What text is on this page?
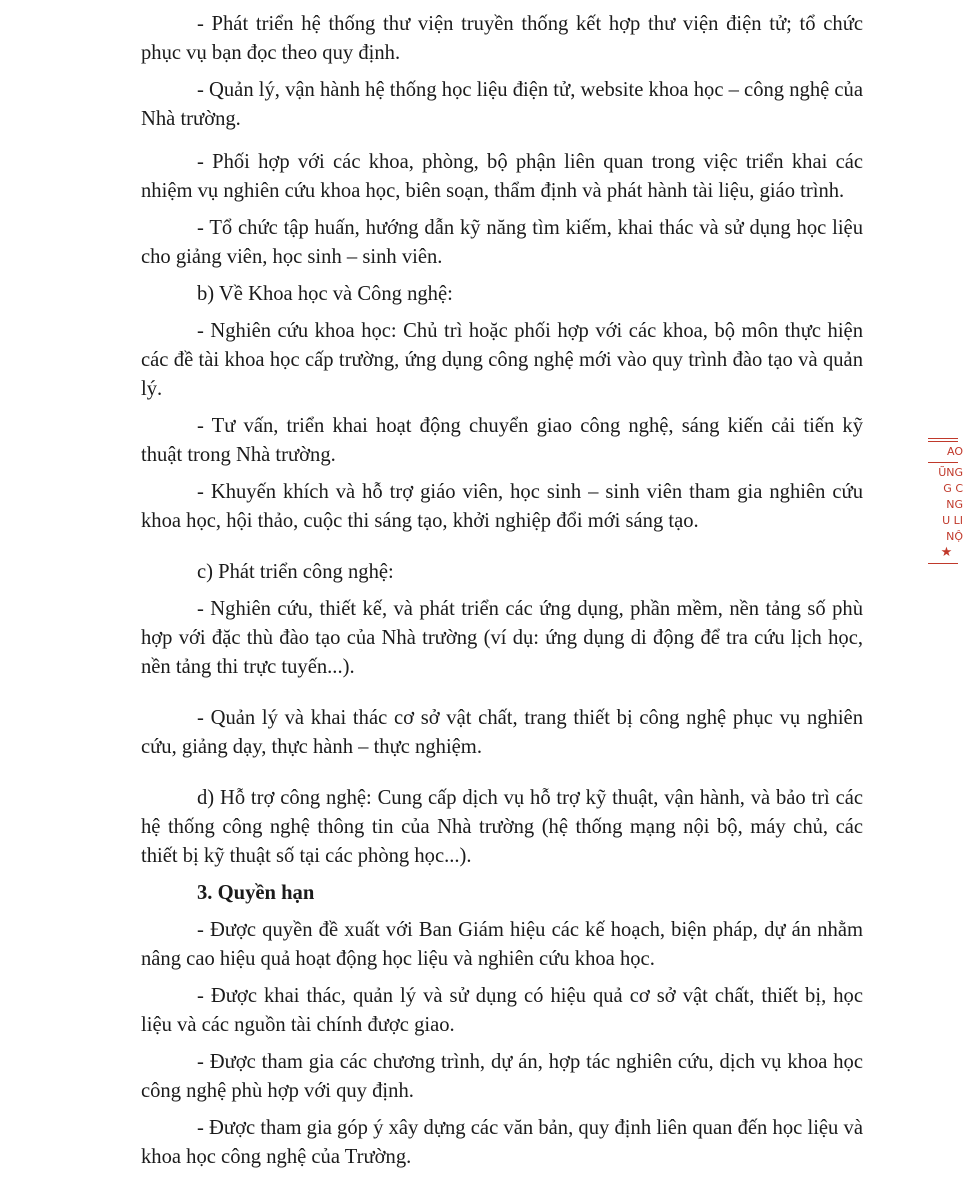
- Phát triển hệ thống thư viện truyền thống kết hợp thư viện điện tử; tổ chức phục vụ bạn đọc theo quy định.

- Quản lý, vận hành hệ thống học liệu điện tử, website khoa học – công nghệ của Nhà trường.

- Phối hợp với các khoa, phòng, bộ phận liên quan trong việc triển khai các nhiệm vụ nghiên cứu khoa học, biên soạn, thẩm định và phát hành tài liệu, giáo trình.

- Tổ chức tập huấn, hướng dẫn kỹ năng tìm kiếm, khai thác và sử dụng học liệu cho giảng viên, học sinh – sinh viên.

b) Về Khoa học và Công nghệ:

- Nghiên cứu khoa học: Chủ trì hoặc phối hợp với các khoa, bộ môn thực hiện các đề tài khoa học cấp trường, ứng dụng công nghệ mới vào quy trình đào tạo và quản lý.

- Tư vấn, triển khai hoạt động chuyển giao công nghệ, sáng kiến cải tiến kỹ thuật trong Nhà trường.

- Khuyến khích và hỗ trợ giáo viên, học sinh – sinh viên tham gia nghiên cứu khoa học, hội thảo, cuộc thi sáng tạo, khởi nghiệp đổi mới sáng tạo.

c) Phát triển công nghệ:

- Nghiên cứu, thiết kế, và phát triển các ứng dụng, phần mềm, nền tảng số phù hợp với đặc thù đào tạo của Nhà trường (ví dụ: ứng dụng di động để tra cứu lịch học, nền tảng thi trực tuyến...).

- Quản lý và khai thác cơ sở vật chất, trang thiết bị công nghệ phục vụ nghiên cứu, giảng dạy, thực hành – thực nghiệm.

d) Hỗ trợ công nghệ: Cung cấp dịch vụ hỗ trợ kỹ thuật, vận hành, và bảo trì các hệ thống công nghệ thông tin của Nhà trường (hệ thống mạng nội bộ, máy chủ, các thiết bị kỹ thuật số tại các phòng học...).

3. Quyền hạn

- Được quyền đề xuất với Ban Giám hiệu các kế hoạch, biện pháp, dự án nhằm nâng cao hiệu quả hoạt động học liệu và nghiên cứu khoa học.

- Được khai thác, quản lý và sử dụng có hiệu quả cơ sở vật chất, thiết bị, học liệu và các nguồn tài chính được giao.

- Được tham gia các chương trình, dự án, hợp tác nghiên cứu, dịch vụ khoa học công nghệ phù hợp với quy định.

- Được tham gia góp ý xây dựng các văn bản, quy định liên quan đến học liệu và khoa học công nghệ của Trường.

AO
ŨNG
G C
NG
U LI
NỘ
★
